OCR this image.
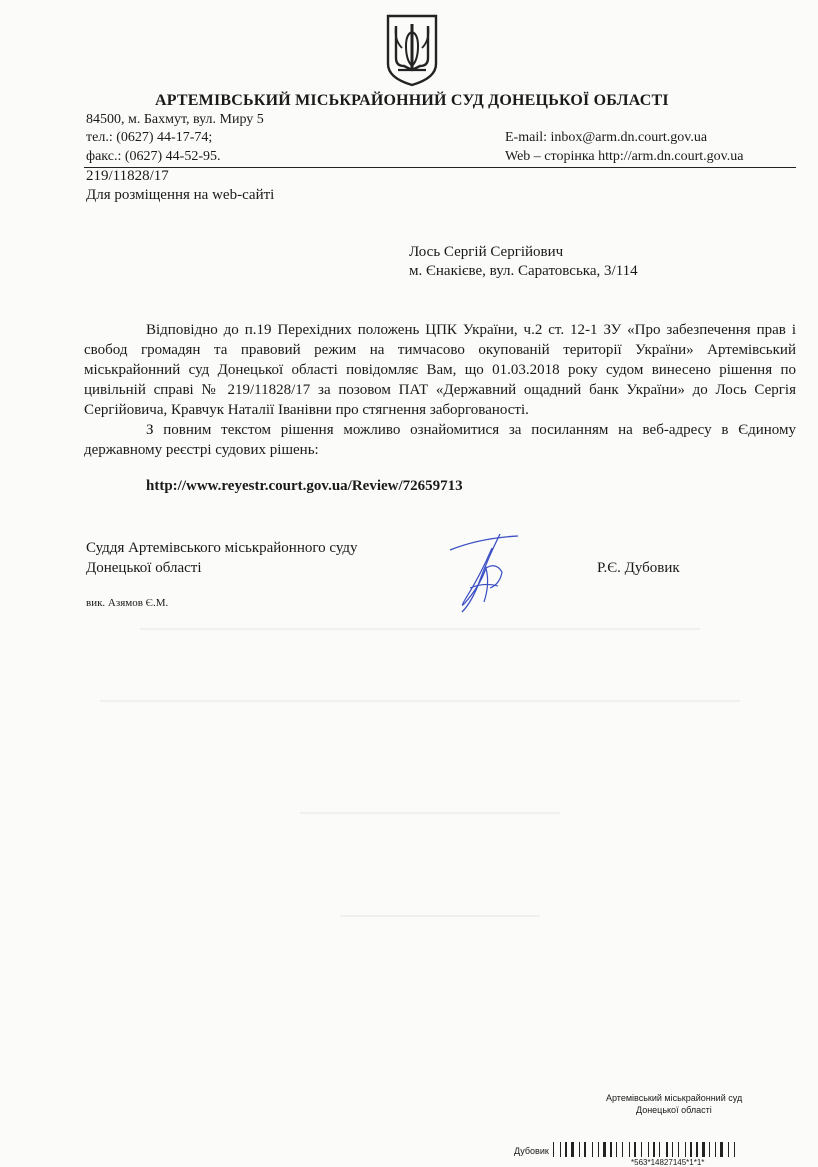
АРТЕМІВСЬКИЙ МІСЬКРАЙОННИЙ СУД ДОНЕЦЬКОЇ ОБЛАСТІ
84500, м. Бахмут, вул. Миру 5
тел.: (0627) 44-17-74;
факс.: (0627) 44-52-95.
E-mail: inbox@arm.dn.court.gov.ua
Web – сторінка http://arm.dn.court.gov.ua
219/11828/17
Для розміщення на web-сайті
Лось Сергій Сергійович
м. Єнакієве, вул. Саратовська, 3/114

Відповідно до п.19 Перехідних положень ЦПК України, ч.2 ст. 12-1 ЗУ «Про забезпечення прав і свобод громадян та правовий режим на тимчасово окупованій території України» Артемівський міськрайонний суд Донецької області повідомляє Вам, що 01.03.2018 року судом винесено рішення по цивільній справі № 219/11828/17 за позовом ПАТ «Державний ощадний банк України» до Лось Сергія Сергійовича, Кравчук Наталії Іванівни про стягнення заборгованості.

З повним текстом рішення можливо ознайомитися за посиланням на веб-адресу в Єдиному державному реєстрі судових рішень:

http://www.reyestr.court.gov.ua/Review/72659713
Суддя Артемівського міськрайонного суду
Донецької області	Р.Є. Дубовик
вик. Азямов Є.М.
Артемівський міськрайонний суд
Донецької області
Дубовик
*563*14827145*1*1*
